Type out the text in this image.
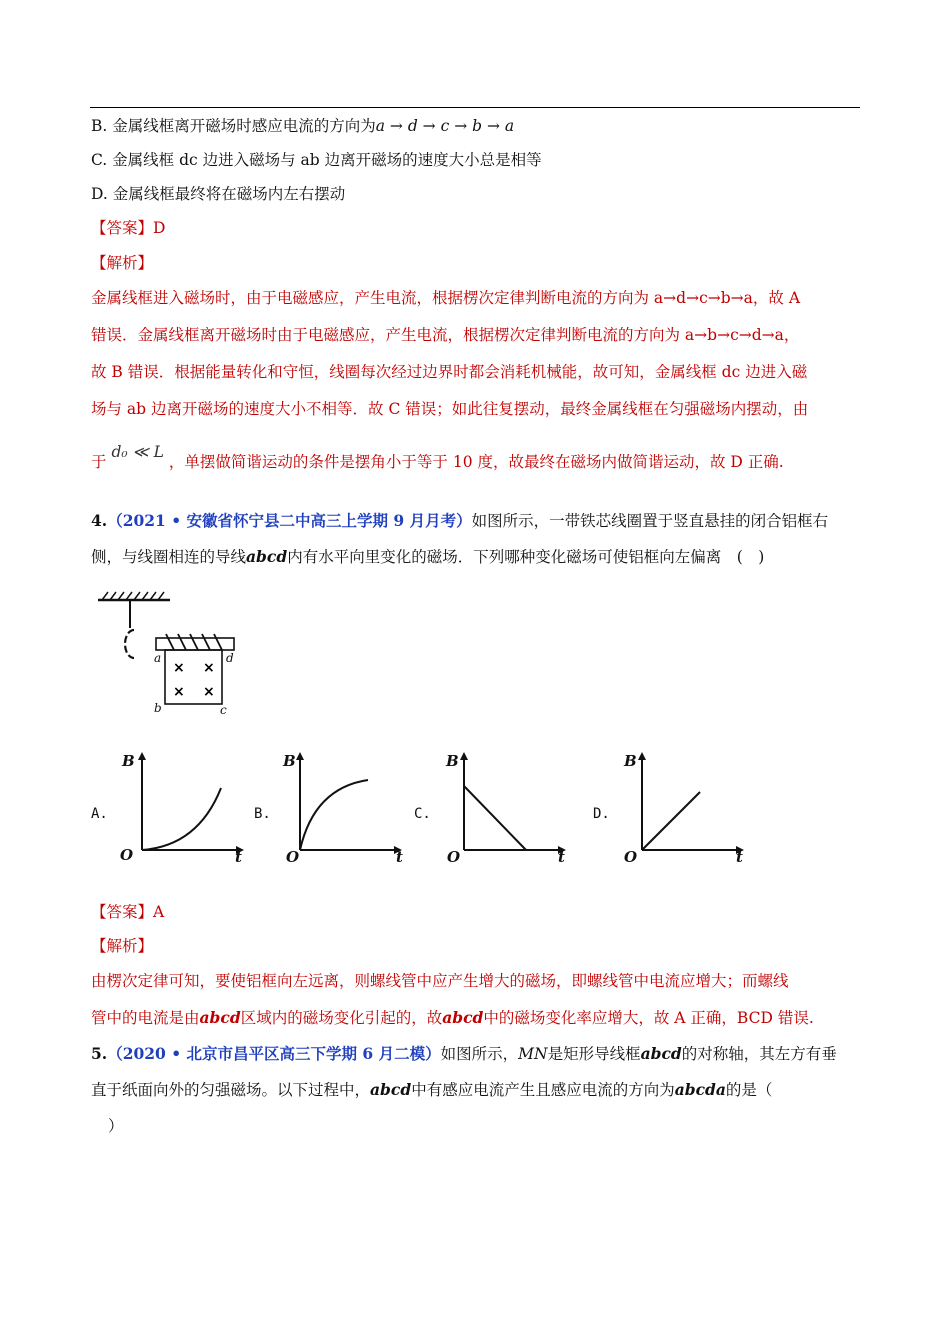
B. 金属线框离开磁场时感应电流的方向为a → d → c → b → a
C. 金属线框 dc 边进入磁场与 ab 边离开磁场的速度大小总是相等
D. 金属线框最终将在磁场内左右摆动
【答案】D
【解析】
金属线框进入磁场时，由于电磁感应，产生电流，根据楞次定律判断电流的方向为 a→d→c→b→a，故 A
错误．金属线框离开磁场时由于电磁感应，产生电流，根据楞次定律判断电流的方向为 a→b→c→d→a，
故 B 错误．根据能量转化和守恒，线圈每次经过边界时都会消耗机械能，故可知，金属线框 dc 边进入磁
场与 ab 边离开磁场的速度大小不相等．故 C 错误；如此往复摆动，最终金属线框在匀强磁场内摆动，由
于 d₀ ≪ L ，单摆做简谐运动的条件是摆角小于等于 10 度，故最终在磁场内做简谐运动，故 D 正确.
4.（2021 • 安徽省怀宁县二中高三上学期 9 月月考）如图所示，一带铁芯线圈置于竖直悬挂的闭合铝框右
侧，与线圈相连的导线abcd内有水平向里变化的磁场．下列哪种变化磁场可使铝框向左偏离　(　)
a	d
b	c
× ×
× ×
A.	B.	C.	D.
B
O	t
B
O	t
B
O	t
B
O	t
【答案】A
【解析】
由楞次定律可知，要使铝框向左远离，则螺线管中应产生增大的磁场，即螺线管中电流应增大；而螺线
管中的电流是由abcd区域内的磁场变化引起的，故abcd中的磁场变化率应增大，故 A 正确，BCD 错误.
5.（2020 • 北京市昌平区高三下学期 6 月二模）如图所示，MN是矩形导线框abcd的对称轴，其左方有垂
直于纸面向外的匀强磁场。以下过程中，abcd中有感应电流产生且感应电流的方向为abcda的是（
）
